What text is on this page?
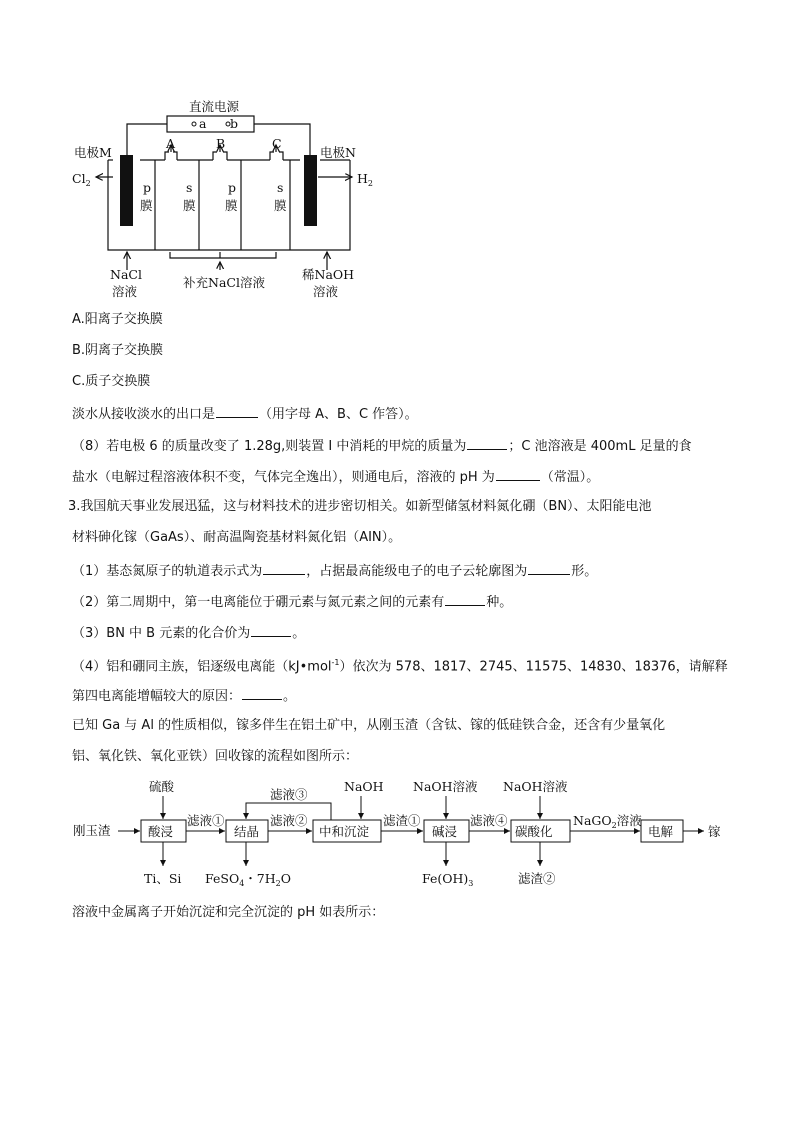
直流电源
a b
A	B	C
电极M	电极N
$Cl_2$	$H_2$
p
膜
s
膜
p
膜
s
膜
NaCl
溶液
补充NaCl溶液
稀NaOH
溶液
A.阳离子交换膜
B.阴离子交换膜
C.质子交换膜
淡水从接收淡水的出口是	（用字母 A、B、C 作答）。
（8）若电极 6 的质量改变了 1.28g,则装置 I 中消耗的甲烷的质量为	；C 池溶液是 400mL 足量的食
盐水（电解过程溶液体积不变，气体完全逸出），则通电后，溶液的 pH 为	（常温）。
3.我国航天事业发展迅猛，这与材料技术的进步密切相关。如新型储氢材料氮化硼（BN）、太阳能电池
材料砷化镓（GaAs）、耐高温陶瓷基材料氮化铝（AIN）。
（1）基态氮原子的轨道表示式为	，占据最高能级电子的电子云轮廓图为	形。
（2）第二周期中，第一电离能位于硼元素与氮元素之间的元素有	种。
（3）BN 中 B 元素的化合价为	。
（4）铝和硼同主族，铝逐级电离能（kJ•mol$^{-1}$）依次为 578、1817、2745、11575、14830、18376，请解释
第四电离能增幅较大的原因：	。
已知 Ga 与 Al 的性质相似，镓多伴生在铝土矿中，从刚玉渣（含钛、镓的低硅铁合金，还含有少量氧化
铝、氧化铁、氧化亚铁）回收镓的流程如图所示：
刚玉渣
硫酸
酸浸
Ti、Si
滤液①
结晶
FeSO$_4$・$7H_2O$
滤液③
滤液②
NaOH
中和沉淀
滤渣①
NaOH溶液
碱浸
$Fe(OH)_3$
滤液④
NaOH溶液
碳酸化
滤渣②
NaGO$_2$溶液
电解	镓
溶液中金属离子开始沉淀和完全沉淀的 pH 如表所示：
